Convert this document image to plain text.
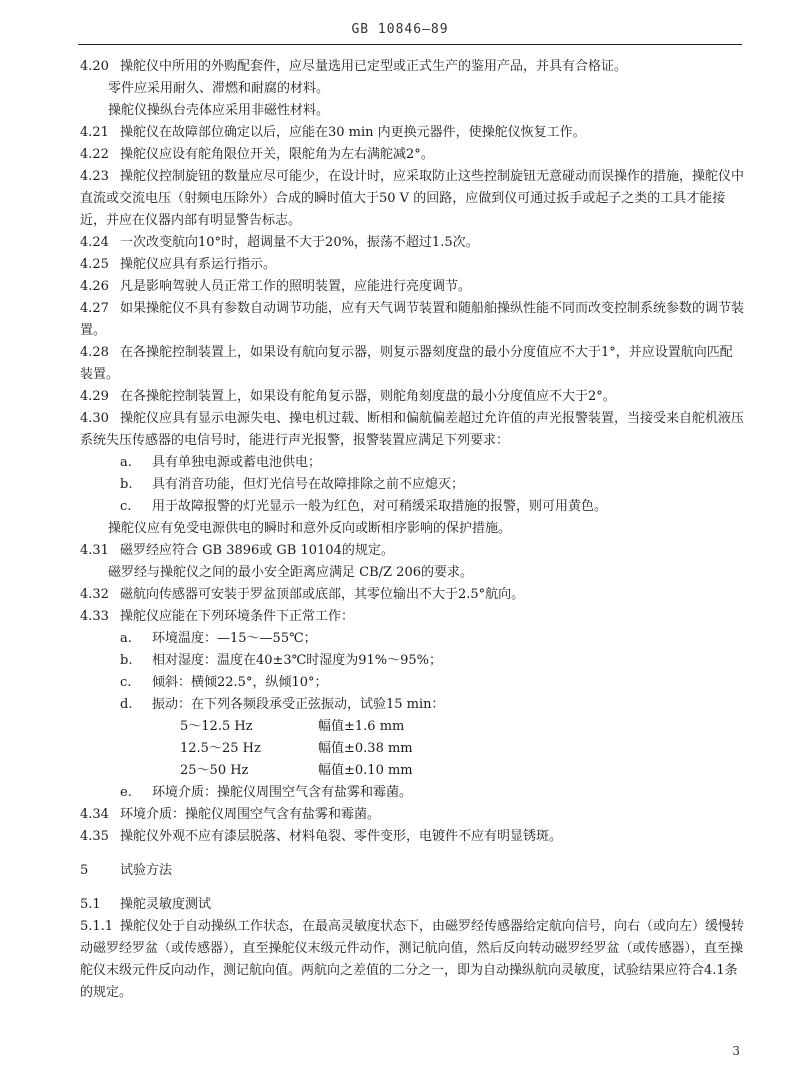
GB 10846—89

4.20 操舵仪中所用的外购配套件，应尽量选用已定型或正式生产的鉴用产品，并具有合格证。

零件应采用耐久、滞燃和耐腐的材料。

操舵仪操纵台壳体应采用非磁性材料。

4.21 操舵仪在故障部位确定以后，应能在30 min 内更换元器件，使操舵仪恢复工作。

4.22 操舵仪应设有舵角限位开关，限舵角为左右满舵减2°。

4.23 操舵仪控制旋钮的数量应尽可能少，在设计时，应采取防止这些控制旋钮无意碰动而误操作的措施，操舵仪中直流或交流电压（射频电压除外）合成的瞬时值大于50 V 的回路，应做到仪可通过扳手或起子之类的工具才能接近，并应在仪器内部有明显警告标志。

4.24 一次改变航向10°时，超调量不大于20%，振荡不超过1.5次。

4.25 操舵仪应具有系运行指示。

4.26 凡是影响驾驶人员正常工作的照明装置，应能进行亮度调节。

4.27 如果操舵仪不具有参数自动调节功能，应有天气调节装置和随船舶操纵性能不同而改变控制系统参数的调节装置。

4.28 在各操舵控制装置上，如果设有航向复示器，则复示器刻度盘的最小分度值应不大于1°，并应设置航向匹配装置。

4.29 在各操舵控制装置上，如果设有舵角复示器，则舵角刻度盘的最小分度值应不大于2°。

4.30 操舵仪应具有显示电源失电、操电机过载、断相和偏航偏差超过允许值的声光报警装置，当接受来自舵机液压系统失压传感器的电信号时，能进行声光报警，报警装置应满足下列要求：

a. 具有单独电源或蓄电池供电；

b. 具有消音功能，但灯光信号在故障排除之前不应熄灭；

c. 用于故障报警的灯光显示一般为红色，对可稍缓采取措施的报警，则可用黄色。

操舵仪应有免受电源供电的瞬时和意外反向或断相序影响的保护措施。

4.31 磁罗经应符合 GB 3896或 GB 10104的规定。

磁罗经与操舵仪之间的最小安全距离应满足 CB/Z 206的要求。

4.32 磁航向传感器可安装于罗盆顶部或底部，其零位输出不大于2.5°航向。

4.33 操舵仪应能在下列环境条件下正常工作：

a. 环境温度：—15～—55℃；

b. 相对湿度：温度在40±3℃时湿度为91%～95%；

c. 倾斜：横倾22.5°，纵倾10°；

d. 振动：在下列各频段承受正弦振动，试验15 min：

5～12.5 Hz	幅值±1.6 mm
12.5～25 Hz	幅值±0.38 mm
25～50 Hz	幅值±0.10 mm

e. 环境介质：操舵仪周围空气含有盐雾和霉菌。

4.34 环境介质：操舵仪周围空气含有盐雾和霉菌。

4.35 操舵仪外观不应有漆层脱落、材料龟裂、零件变形，电镀件不应有明显锈斑。

5 试验方法

5.1 操舵灵敏度测试

5.1.1 操舵仪处于自动操纵工作状态，在最高灵敏度状态下，由磁罗经传感器给定航向信号，向右（或向左）缓慢转动磁罗经罗盆（或传感器），直至操舵仪末级元件动作，测记航向值，然后反向转动磁罗经罗盆（或传感器），直至操舵仪末级元件反向动作，测记航向值。两航向之差值的二分之一，即为自动操纵航向灵敏度，试验结果应符合4.1条的规定。

3
